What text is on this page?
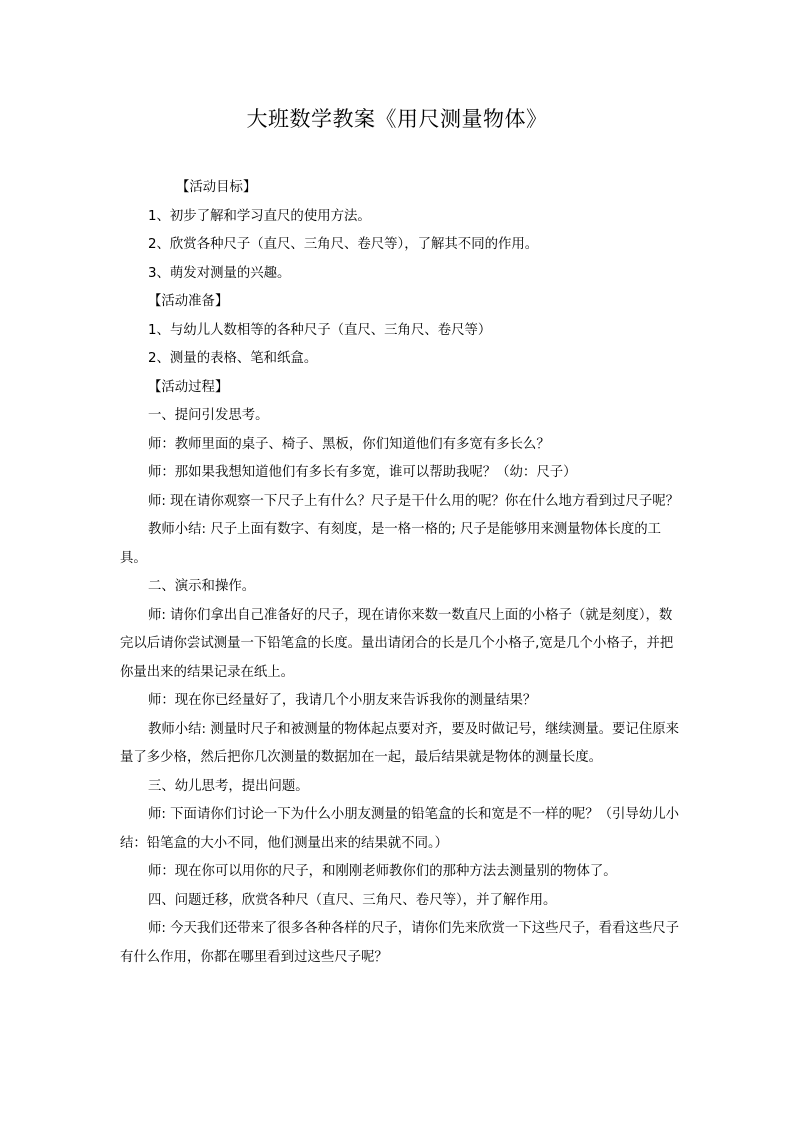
大班数学教案《用尺测量物体》

【活动目标】

1、初步了解和学习直尺的使用方法。

2、欣赏各种尺子（直尺、三角尺、卷尺等），了解其不同的作用。

3、萌发对测量的兴趣。

【活动准备】

1、与幼儿人数相等的各种尺子（直尺、三角尺、卷尺等）

2、测量的表格、笔和纸盒。

【活动过程】

一、提问引发思考。

师：教师里面的桌子、椅子、黑板，你们知道他们有多宽有多长么？

师：那如果我想知道他们有多长有多宽，谁可以帮助我呢？（幼：尺子）

师: 现在请你观察一下尺子上有什么？尺子是干什么用的呢？你在什么地方看到过尺子呢？

教师小结: 尺子上面有数字、有刻度，是一格一格的; 尺子是能够用来测量物体长度的工具。

二、演示和操作。

师: 请你们拿出自己准备好的尺子，现在请你来数一数直尺上面的小格子（就是刻度），数完以后请你尝试测量一下铅笔盒的长度。量出请闭合的长是几个小格子,宽是几个小格子，并把你量出来的结果记录在纸上。

师：现在你已经量好了，我请几个小朋友来告诉我你的测量结果？

教师小结: 测量时尺子和被测量的物体起点要对齐，要及时做记号，继续测量。要记住原来量了多少格，然后把你几次测量的数据加在一起，最后结果就是物体的测量长度。

三、幼儿思考，提出问题。

师: 下面请你们讨论一下为什么小朋友测量的铅笔盒的长和宽是不一样的呢？（引导幼儿小结：铅笔盒的大小不同，他们测量出来的结果就不同。）

师：现在你可以用你的尺子，和刚刚老师教你们的那种方法去测量别的物体了。

四、问题迁移，欣赏各种尺（直尺、三角尺、卷尺等），并了解作用。

师: 今天我们还带来了很多各种各样的尺子，请你们先来欣赏一下这些尺子，看看这些尺子有什么作用，你都在哪里看到过这些尺子呢？
